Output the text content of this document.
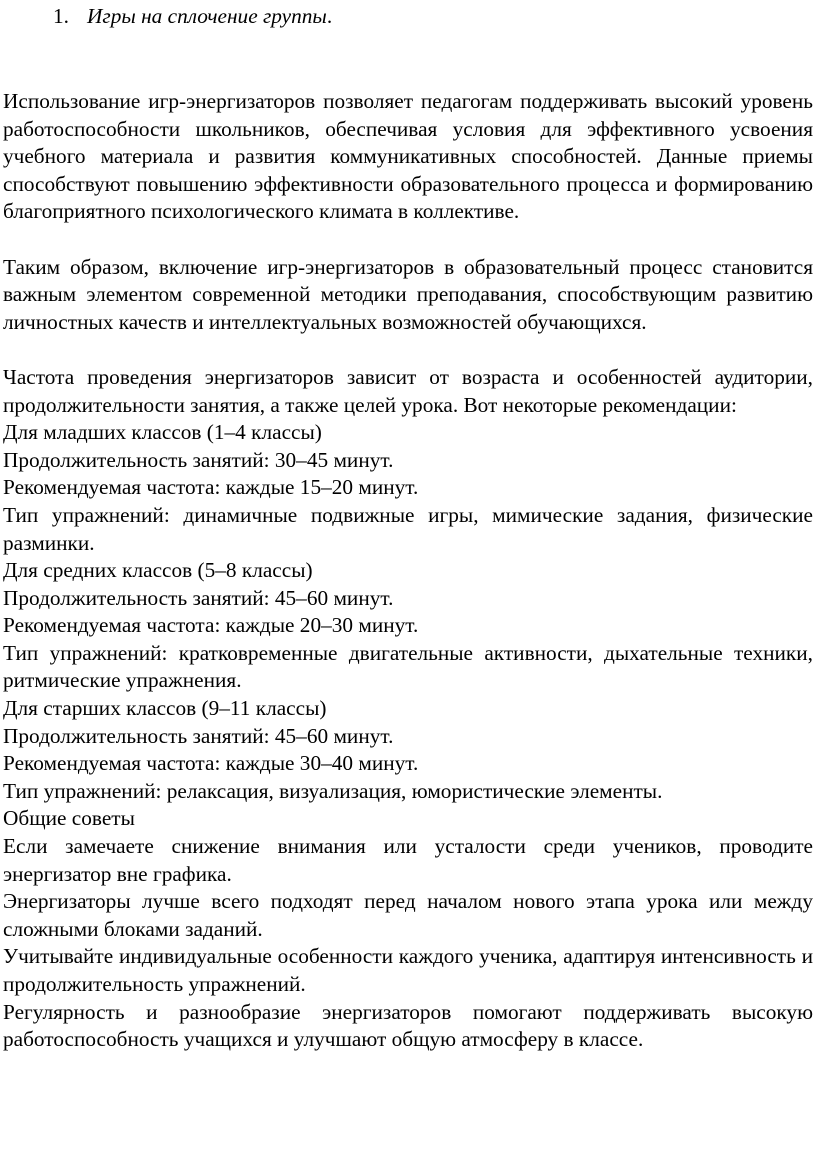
1. Игры на сплочение группы.

Использование игр-энергизаторов позволяет педагогам поддерживать высокий уровень работоспособности школьников, обеспечивая условия для эффективного усвоения учебного материала и развития коммуникативных способностей. Данные приемы способствуют повышению эффективности образовательного процесса и формированию благоприятного психологического климата в коллективе.

Таким образом, включение игр-энергизаторов в образовательный процесс становится важным элементом современной методики преподавания, способствующим развитию личностных качеств и интеллектуальных возможностей обучающихся.

Частота проведения энергизаторов зависит от возраста и особенностей аудитории, продолжительности занятия, а также целей урока. Вот некоторые рекомендации:

Для младших классов (1–4 классы)

Продолжительность занятий: 30–45 минут.

Рекомендуемая частота: каждые 15–20 минут.

Тип упражнений: динамичные подвижные игры, мимические задания, физические разминки.

Для средних классов (5–8 классы)

Продолжительность занятий: 45–60 минут.

Рекомендуемая частота: каждые 20–30 минут.

Тип упражнений: кратковременные двигательные активности, дыхательные техники, ритмические упражнения.

Для старших классов (9–11 классы)

Продолжительность занятий: 45–60 минут.

Рекомендуемая частота: каждые 30–40 минут.

Тип упражнений: релаксация, визуализация, юмористические элементы.

Общие советы

Если замечаете снижение внимания или усталости среди учеников, проводите энергизатор вне графика.

Энергизаторы лучше всего подходят перед началом нового этапа урока или между сложными блоками заданий.

Учитывайте индивидуальные особенности каждого ученика, адаптируя интенсивность и продолжительность упражнений.

Регулярность и разнообразие энергизаторов помогают поддерживать высокую работоспособность учащихся и улучшают общую атмосферу в классе.
